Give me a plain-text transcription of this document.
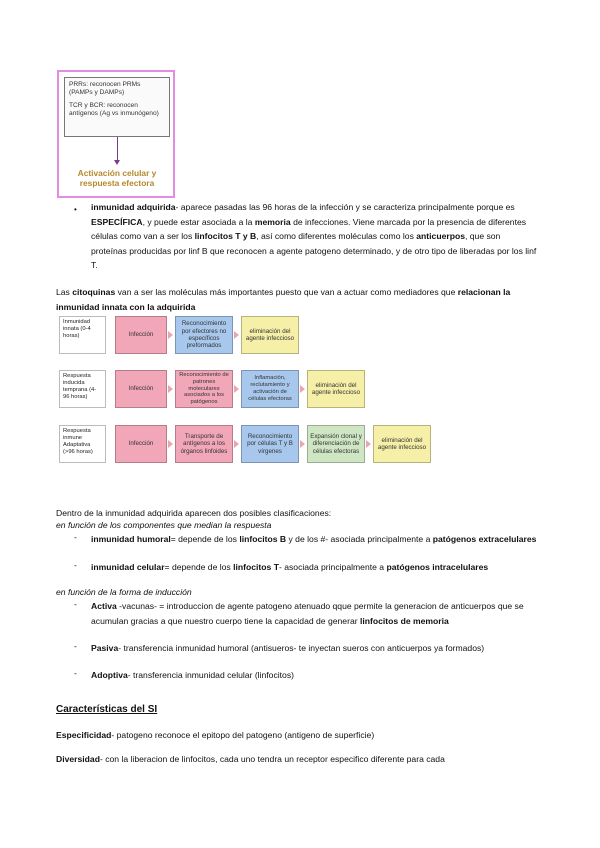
PRRs: reconocen PRMs
(PAMPs y DAMPs)
TCR y BCR: reconocen
antígenos (Ag vs inmunógeno)
Activación celular y
respuesta efectora
• inmunidad adquirida- aparece pasadas las 96 horas de la infección y se caracteriza principalmente porque es ESPECÍFICA, y puede estar asociada a la memoria de infecciones. Viene marcada por la presencia de diferentes células como van a ser los linfocitos T y B, así como diferentes moléculas como los anticuerpos, que son proteínas producidas por linf B que reconocen a agente patogeno determinado, y de otro tipo de liberadas por los linf T.

Las citoquinas van a ser las moléculas más importantes puesto que van a actuar como mediadores que relacionan la inmunidad innata con la adquirida

Inmunidad innata (0-4 horas)	Infección
Reconocimiento por efectores no específicos preformados
eliminación del agente infeccioso
Respuesta inducida temprana (4-96 horas)
Infección
Reconocimiento de patrones moleculares asociados a los patógenos
Inflamación, reclutamiento y activación de células efectoras
eliminación del agente infeccioso
Respuesta inmune Adaptativa (>96 horas)
Infección
Transporte de antígenos a los órganos linfoides
Reconocimiento por células T y B vírgenes
Expansión clonal y diferenciación de células efectoras
eliminación del agente infeccioso

Dentro de la inmunidad adquirida aparecen dos posibles clasificaciones:

en función de los componentes que median la respuesta

- inmunidad humoral= depende de los linfocitos B y de los #- asociada principalmente a patógenos extracelulares

- inmunidad celular= depende de los linfocitos T- asociada principalmente a patógenos intracelulares

en función de la forma de inducción

- Activa -vacunas- = introduccion de agente patogeno atenuado qque permite la generacion de anticuerpos que se acumulan gracias a que nuestro cuerpo tiene la capacidad de generar linfocitos de memoria

- Pasiva- transferencia inmunidad humoral (antisueros- te inyectan sueros con anticuerpos ya formados)

- Adoptiva- transferencia inmunidad celular (linfocitos)

Características del SI

Especificidad- patogeno reconoce el epitopo del patogeno (antigeno de superficie)

Diversidad- con la liberacion de linfocitos, cada uno tendra un receptor especifico diferente para cada
